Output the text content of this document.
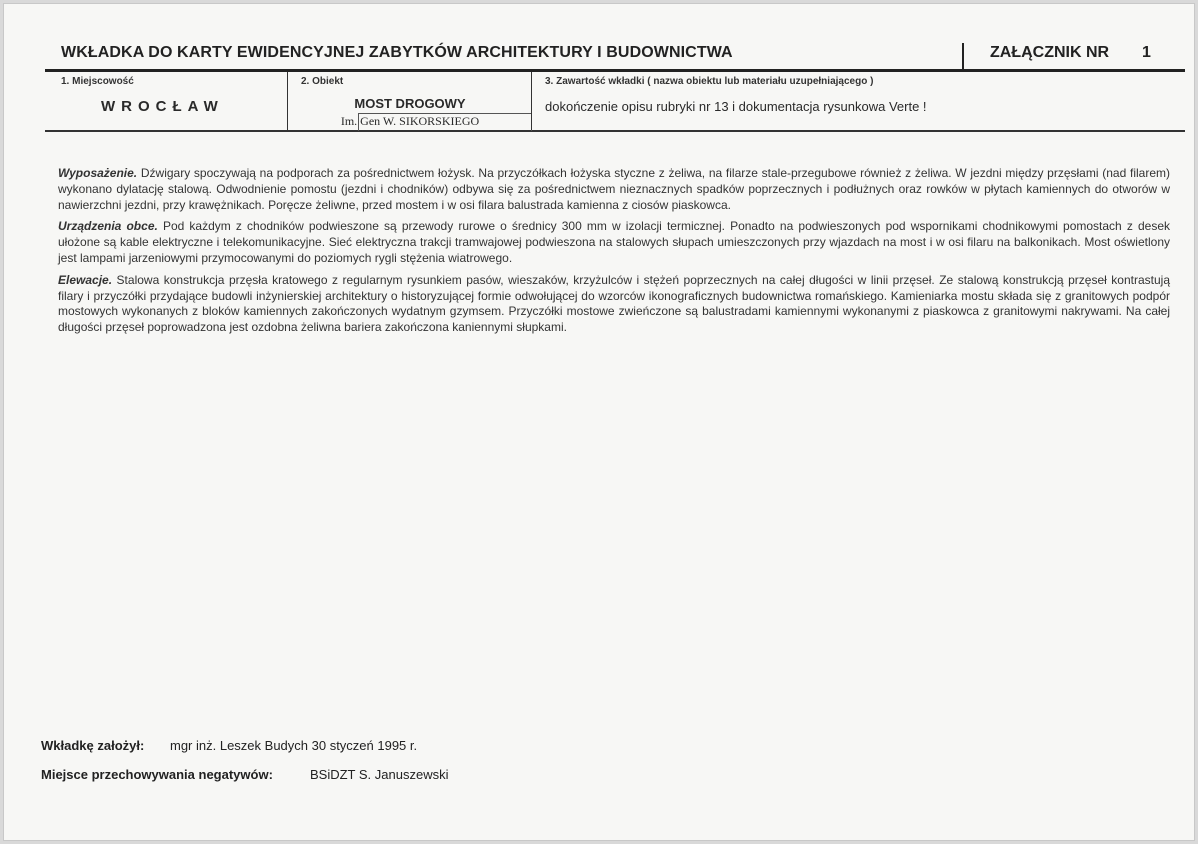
WKŁADKA DO KARTY EWIDENCYJNEJ ZABYTKÓW ARCHITEKTURY I BUDOWNICTWA	ZAŁĄCZNIK NR 1
1. Miejscowość
WROCŁAW
2. Obiekt
MOST DROGOWY
Im. Gen W. SIKORSKIEGO
3. Zawartość wkładki ( nazwa obiektu lub materiału uzupełniającego )
dokończenie opisu rubryki nr 13 i dokumentacja rysunkowa Verte !

Wyposażenie. Dźwigary spoczywają na podporach za pośrednictwem łożysk. Na przyczółkach łożyska styczne z żeliwa, na filarze stale-przegubowe również z żeliwa. W jezdni między przęsłami (nad filarem) wykonano dylatację stalową. Odwodnienie pomostu (jezdni i chodników) odbywa się za pośrednictwem nieznacznych spadków poprzecznych i podłużnych oraz rowków w płytach kamiennych do otworów w nawierzchni jezdni, przy krawężnikach. Poręcze żeliwne, przed mostem i w osi filara balustrada kamienna z ciosów piaskowca.

Urządzenia obce. Pod każdym z chodników podwieszone są przewody rurowe o średnicy 300 mm w izolacji termicznej. Ponadto na podwieszonych pod wspornikami chodnikowymi pomostach z desek ułożone są kable elektryczne i telekomunikacyjne. Sieć elektryczna trakcji tramwajowej podwieszona na stalowych słupach umieszczonych przy wjazdach na most i w osi filaru na balkonikach. Most oświetlony jest lampami jarzeniowymi przymocowanymi do poziomych rygli stężenia wiatrowego.

Elewacje. Stalowa konstrukcja przęsła kratowego z regularnym rysunkiem pasów, wieszaków, krzyżulców i stężeń poprzecznych na całej długości w linii przęseł. Ze stalową konstrukcją przęseł kontrastują filary i przyczółki przydające budowli inżynierskiej architektury o historyzującej formie odwołującej do wzorców ikonograficznych budownictwa romańskiego. Kamieniarka mostu składa się z granitowych podpór mostowych wykonanych z bloków kamiennych zakończonych wydatnym gzymsem. Przyczółki mostowe zwieńczone są balustradami kamiennymi wykonanymi z piaskowca z granitowymi nakrywami. Na całej długości przęseł poprowadzona jest ozdobna żeliwna bariera zakończona kaniennymi słupkami.

Wkładkę założył: mgr inż. Leszek Budych 30 styczeń 1995 r.
Miejsce przechowywania negatywów:	BSiDZT S. Januszewski
